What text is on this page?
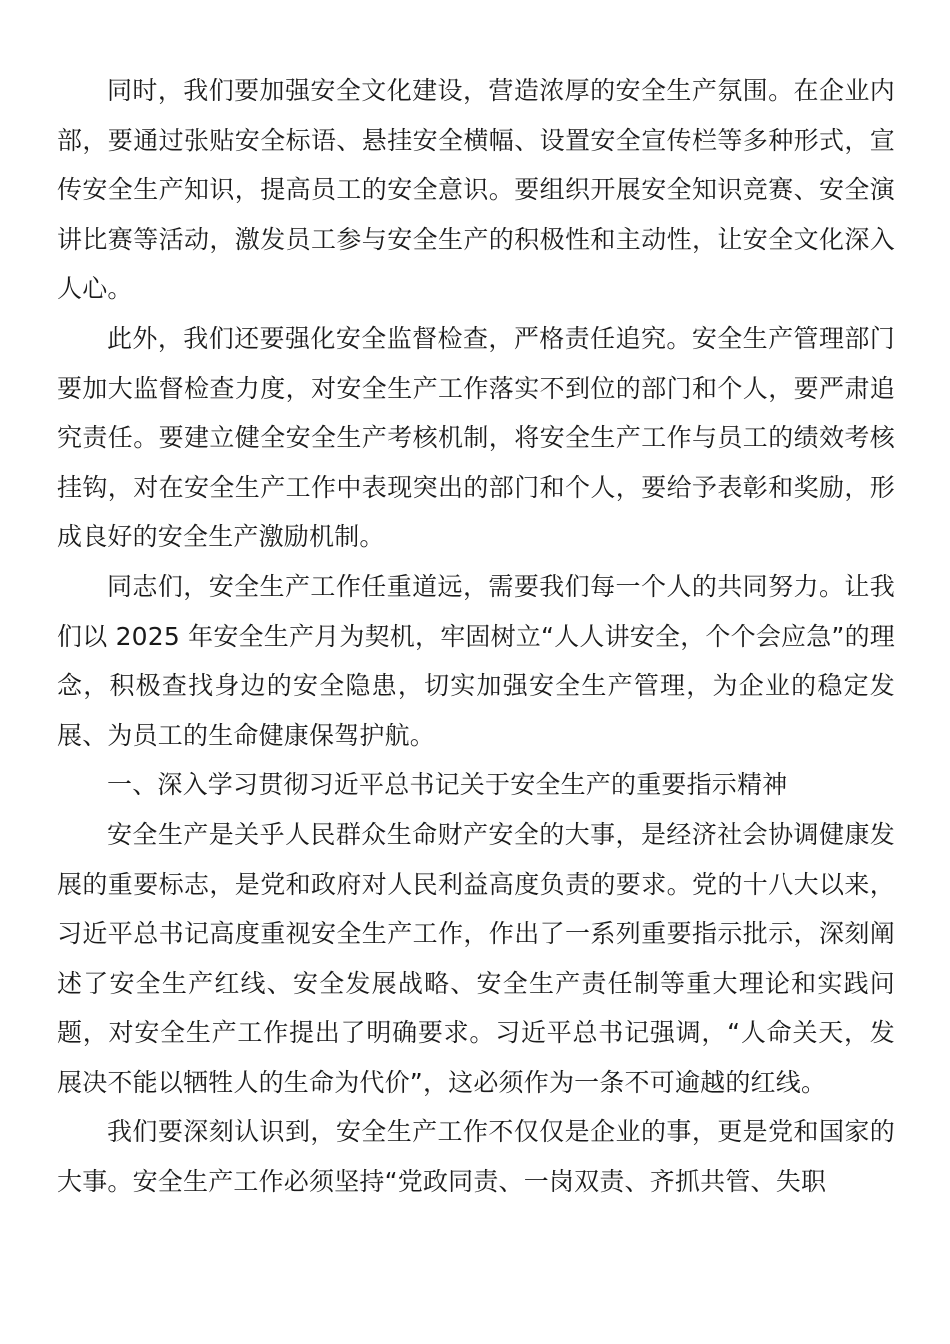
同时，我们要加强安全文化建设，营造浓厚的安全生产氛围。在企业内部，要通过张贴安全标语、悬挂安全横幅、设置安全宣传栏等多种形式，宣传安全生产知识，提高员工的安全意识。要组织开展安全知识竞赛、安全演讲比赛等活动，激发员工参与安全生产的积极性和主动性，让安全文化深入人心。

此外，我们还要强化安全监督检查，严格责任追究。安全生产管理部门要加大监督检查力度，对安全生产工作落实不到位的部门和个人，要严肃追究责任。要建立健全安全生产考核机制，将安全生产工作与员工的绩效考核挂钩，对在安全生产工作中表现突出的部门和个人，要给予表彰和奖励，形成良好的安全生产激励机制。

同志们，安全生产工作任重道远，需要我们每一个人的共同努力。让我们以 2025 年安全生产月为契机，牢固树立“人人讲安全，个个会应急”的理念，积极查找身边的安全隐患，切实加强安全生产管理，为企业的稳定发展、为员工的生命健康保驾护航。

一、深入学习贯彻习近平总书记关于安全生产的重要指示精神

安全生产是关乎人民群众生命财产安全的大事，是经济社会协调健康发展的重要标志，是党和政府对人民利益高度负责的要求。党的十八大以来，习近平总书记高度重视安全生产工作，作出了一系列重要指示批示，深刻阐述了安全生产红线、安全发展战略、安全生产责任制等重大理论和实践问题，对安全生产工作提出了明确要求。习近平总书记强调，“人命关天，发展决不能以牺牲人的生命为代价”，这必须作为一条不可逾越的红线。

我们要深刻认识到，安全生产工作不仅仅是企业的事，更是党和国家的大事。安全生产工作必须坚持“党政同责、一岗双责、齐抓共管、失职
